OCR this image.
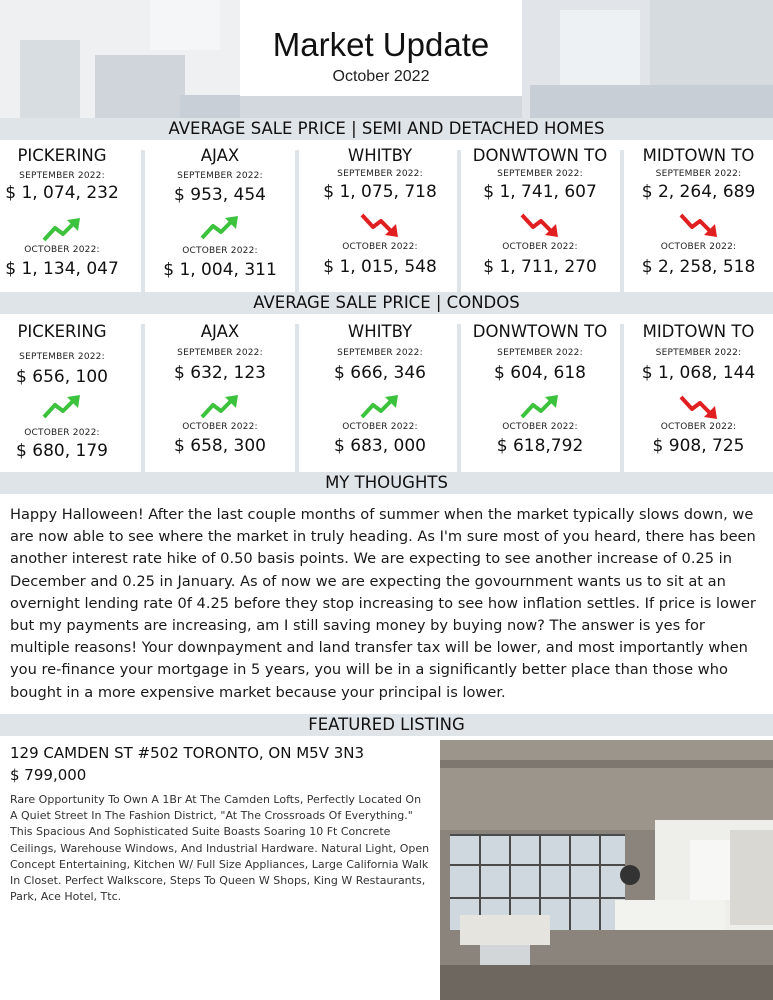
Market Update
October 2022
AVERAGE SALE PRICE | SEMI AND DETACHED HOMES
PICKERING
SEPTEMBER 2022:
$ 1, 074, 232
OCTOBER 2022:
$ 1, 134, 047
AJAX
SEPTEMBER 2022:
$ 953, 454
OCTOBER 2022:
$ 1, 004, 311
WHITBY
SEPTEMBER 2022:
$ 1, 075, 718
OCTOBER 2022:
$ 1, 015, 548
DONWTOWN TO
SEPTEMBER 2022:
$ 1, 741, 607
OCTOBER 2022:
$ 1, 711, 270
MIDTOWN TO
SEPTEMBER 2022:
$ 2, 264, 689
OCTOBER 2022:
$ 2, 258, 518
AVERAGE SALE PRICE | CONDOS
PICKERING
SEPTEMBER 2022:
$ 656, 100
OCTOBER 2022:
$ 680, 179
AJAX
SEPTEMBER 2022:
$ 632, 123
OCTOBER 2022:
$ 658, 300
WHITBY
SEPTEMBER 2022:
$ 666, 346
OCTOBER 2022:
$ 683, 000
DONWTOWN TO
SEPTEMBER 2022:
$ 604, 618
OCTOBER 2022:
$ 618,792
MIDTOWN TO
SEPTEMBER 2022:
$ 1, 068, 144
OCTOBER 2022:
$ 908, 725
MY THOUGHTS
Happy Halloween! After the last couple months of summer when the market typically slows down, we are now able to see where the market in truly heading. As I'm sure most of you heard, there has been another interest rate hike of 0.50 basis points. We are expecting to see another increase of 0.25 in December and 0.25 in January. As of now we are expecting the govournment wants us to sit at an overnight lending rate 0f 4.25 before they stop increasing to see how inflation settles. If price is lower but my payments are increasing, am I still saving money by buying now? The answer is yes for multiple reasons! Your downpayment and land transfer tax will be lower, and most importantly when you re-finance your mortgage in 5 years, you will be in a significantly better place than those who bought in a more expensive market because your principal is lower.
FEATURED LISTING
129 CAMDEN ST #502 TORONTO, ON M5V 3N3
$ 799,000
Rare Opportunity To Own A 1Br At The Camden Lofts, Perfectly Located On A Quiet Street In The Fashion District, "At The Crossroads Of Everything." This Spacious And Sophisticated Suite Boasts Soaring 10 Ft Concrete Ceilings, Warehouse Windows, And Industrial Hardware. Natural Light, Open Concept Entertaining, Kitchen W/ Full Size Appliances, Large California Walk In Closet. Perfect Walkscore, Steps To Queen W Shops, King W Restaurants, Park, Ace Hotel, Ttc.
